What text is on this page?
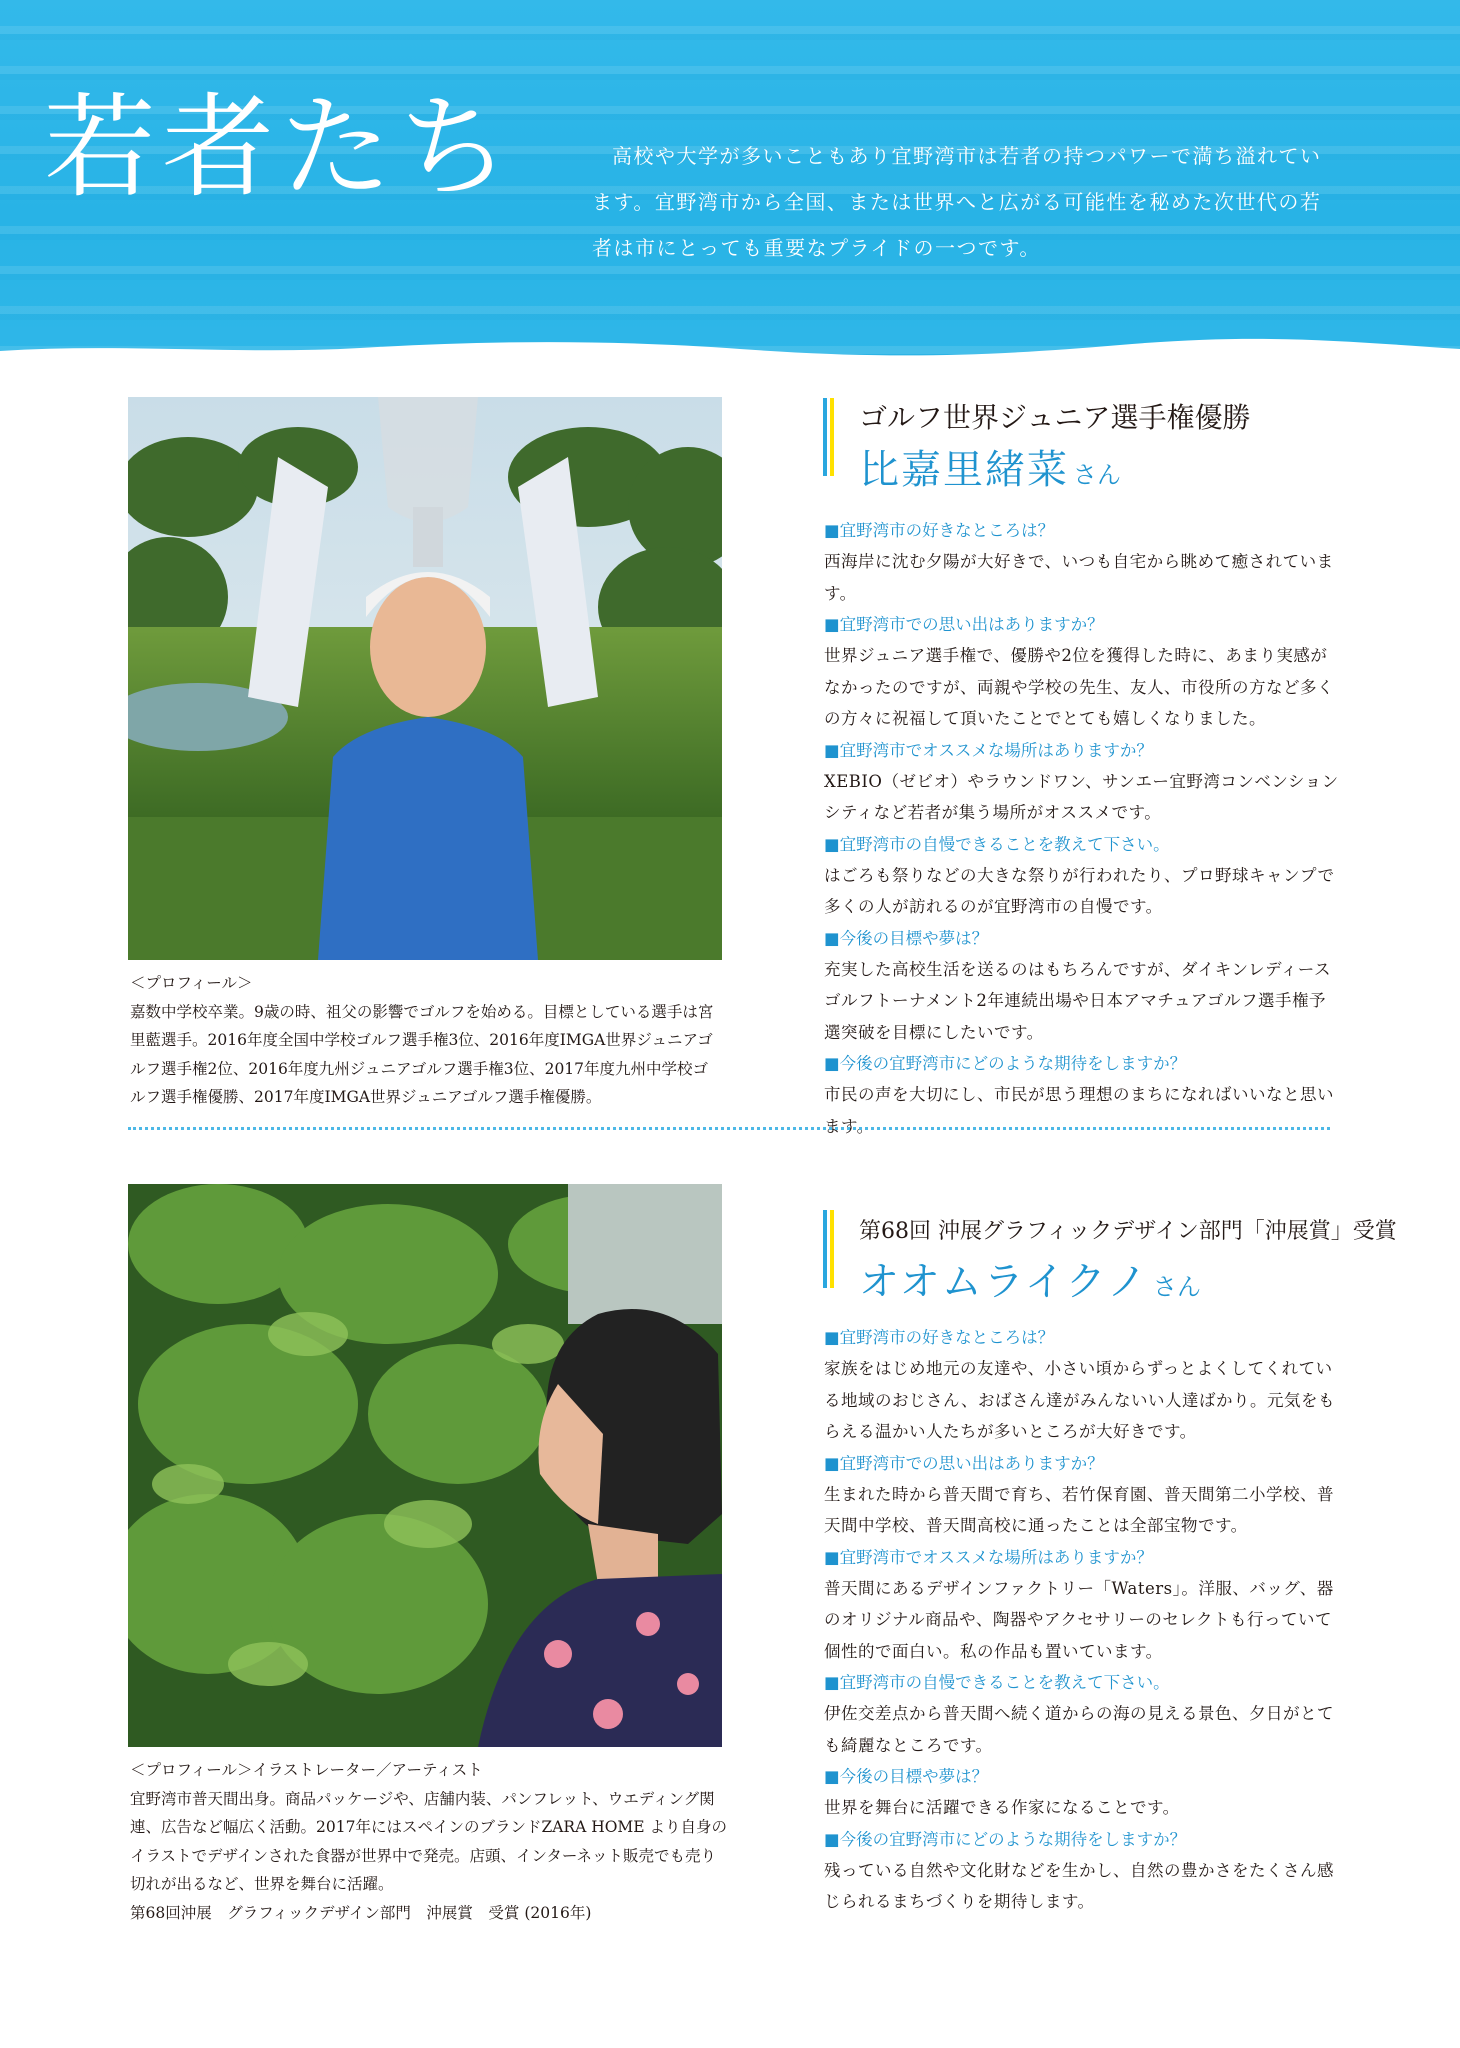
若者たち	高校や大学が多いこともあり宜野湾市は若者の持つパワーで満ち溢れています。宜野湾市から全国、または世界へと広がる可能性を秘めた次世代の若者は市にとっても重要なプライドの一つです。

＜プロフィール＞

嘉数中学校卒業。9歳の時、祖父の影響でゴルフを始める。目標としている選手は宮里藍選手。2016年度全国中学校ゴルフ選手権3位、2016年度IMGA世界ジュニアゴルフ選手権2位、2016年度九州ジュニアゴルフ選手権3位、2017年度九州中学校ゴルフ選手権優勝、2017年度IMGA世界ジュニアゴルフ選手権優勝。

ゴルフ世界ジュニア選手権優勝
比嘉里緒菜 さん
■宜野湾市の好きなところは？
西海岸に沈む夕陽が大好きで、いつも自宅から眺めて癒されています。
■宜野湾市での思い出はありますか？
世界ジュニア選手権で、優勝や2位を獲得した時に、あまり実感がなかったのですが、両親や学校の先生、友人、市役所の方など多くの方々に祝福して頂いたことでとても嬉しくなりました。
■宜野湾市でオススメな場所はありますか？
XEBIO（ゼビオ）やラウンドワン、サンエー宜野湾コンベンションシティなど若者が集う場所がオススメです。
■宜野湾市の自慢できることを教えて下さい。
はごろも祭りなどの大きな祭りが行われたり、プロ野球キャンプで多くの人が訪れるのが宜野湾市の自慢です。
■今後の目標や夢は？
充実した高校生活を送るのはもちろんですが、ダイキンレディースゴルフトーナメント2年連続出場や日本アマチュアゴルフ選手権予選突破を目標にしたいです。
■今後の宜野湾市にどのような期待をしますか？
市民の声を大切にし、市民が思う理想のまちになればいいなと思います。

＜プロフィール＞イラストレーター／アーティスト

宜野湾市普天間出身。商品パッケージや、店舗内装、パンフレット、ウエディング関連、広告など幅広く活動。2017年にはスペインのブランドZARA HOME より自身のイラストでデザインされた食器が世界中で発売。店頭、インターネット販売でも売り切れが出るなど、世界を舞台に活躍。

第68回沖展　グラフィックデザイン部門　沖展賞　受賞 (2016年)

第68回 沖展グラフィックデザイン部門「沖展賞」受賞
オオムライクノ さん
■宜野湾市の好きなところは？
家族をはじめ地元の友達や、小さい頃からずっとよくしてくれている地域のおじさん、おばさん達がみんないい人達ばかり。元気をもらえる温かい人たちが多いところが大好きです。
■宜野湾市での思い出はありますか？
生まれた時から普天間で育ち、若竹保育園、普天間第二小学校、普天間中学校、普天間高校に通ったことは全部宝物です。
■宜野湾市でオススメな場所はありますか？
普天間にあるデザインファクトリー「Waters」。洋服、バッグ、器のオリジナル商品や、陶器やアクセサリーのセレクトも行っていて個性的で面白い。私の作品も置いています。
■宜野湾市の自慢できることを教えて下さい。
伊佐交差点から普天間へ続く道からの海の見える景色、夕日がとても綺麗なところです。
■今後の目標や夢は？
世界を舞台に活躍できる作家になることです。
■今後の宜野湾市にどのような期待をしますか？
残っている自然や文化財などを生かし、自然の豊かさをたくさん感じられるまちづくりを期待します。
